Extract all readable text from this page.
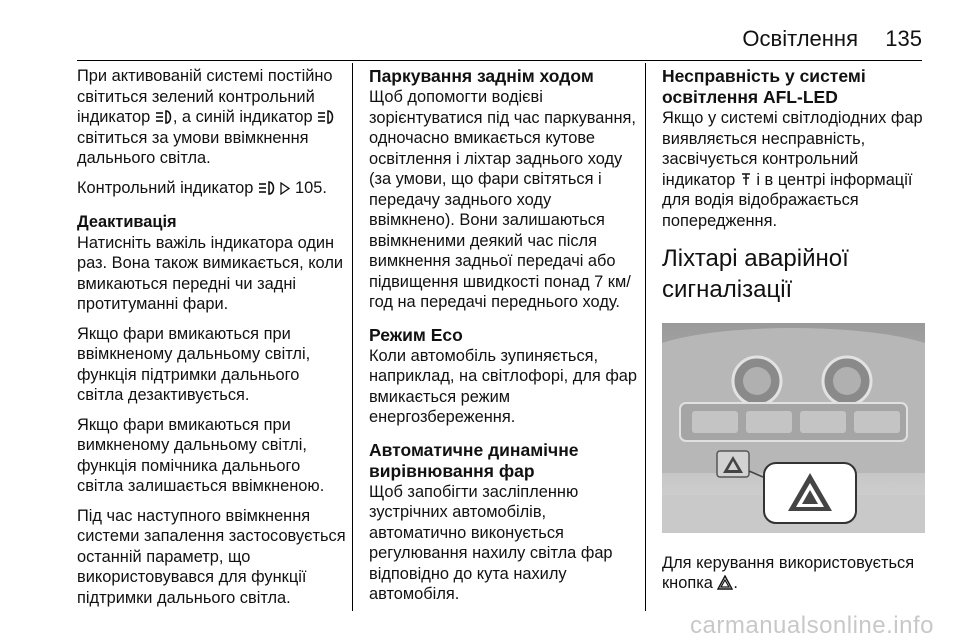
Освітлення 135

При активованій системі постійно світиться зелений контрольний індикатор , а синій індикатор  світиться за умови ввімкнення дальнього світла.

Контрольний індикатор   105.

Деактивація

Натисніть важіль індикатора один раз. Вона також вимикається, коли вмикаються передні чи задні протитуманні фари.

Якщо фари вмикаються при ввімкненому дальньому світлі, функція підтримки дальнього світла дезактивується.

Якщо фари вмикаються при вимкненому дальньому світлі, функція помічника дальнього світла залишається ввімкненою.

Під час наступного ввімкнення системи запалення застосовується останній параметр, що використовувався для функції підтримки дальнього світла.

Паркування заднім ходом

Щоб допомогти водієві зорієнтуватися під час паркування, одночасно вмикається кутове освітлення і ліхтар заднього ходу (за умови, що фари світяться і передачу заднього ходу ввімкнено). Вони залишаються ввімкненими деякий час після вимкнення задньої передачі або підвищення швидкості понад 7 км/год на передачі переднього ходу.

Режим Eco

Коли автомобіль зупиняється, наприклад, на світлофорі, для фар вмикається режим енергозбереження.

Автоматичне динамічне вирівнювання фар

Щоб запобігти засліпленню зустрічних автомобілів, автоматично виконується регулювання нахилу світла фар відповідно до кута нахилу автомобіля.

Несправність у системі освітлення AFL-LED

Якщо у системі світлодіодних фар виявляється несправність, засвічується контрольний індикатор  і в центрі інформації для водія відображається попередження.

Ліхтарі аварійної сигналізації

Для керування використовується кнопка .

carmanualsonline.info
